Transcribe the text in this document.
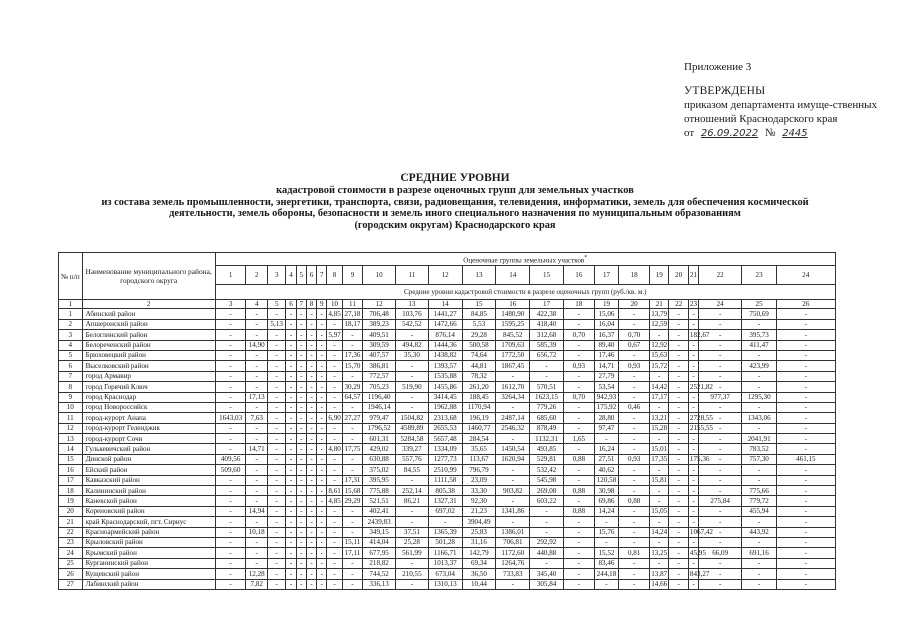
Приложение 3
УТВЕРЖДЕНЫ
приказом департамента имуще-ственных
отношений Краснодарского края
от 26.09.2022 № 2445
СРЕДНИЕ УРОВНИ
кадастровой стоимости в разрезе оценочных групп для земельных участков
из состава земель промышленности, энергетики, транспорта, связи, радиовещания, телевидения, информатики, земель для обеспечения космической
деятельности, земель обороны, безопасности и земель иного специального назначения по муниципальным образованиям
(городским округам) Краснодарского края
№ п/п	Наименование муниципального района, городского округа	Оценочные группы земельных участков*
		1	2	3	4	5	6	7	8	9	10	11	12	13	14	15	16	17	18	19	20	21	22	23	24
		Средние уровни кадастровой стоимости в разрезе оценочных групп (руб./кв. м.)																							
1	2	3	4	5	6	7	8	9	10	11	12	13	14	15	16	17	18	19	20	21	22	23	24	25	26
1	Абинский район	-	-	-	-	-	-	-	4,85	27,18	706,48	103,76	1441,27	84,85	1480,90	422,38	-	15,06	-	13,79	-	-	-	750,69	-
2	Апшеронский район	-	-	5,13	-	-	-	-	-	18,17	389,23	542,52	1472,66	5,53	1595,25	418,40	-	16,04	-	12,59	-	-	-	-	-
3	Белоглинский район	-	-	-	-	-	-	-	5,97	-	409,51	-	876,14	29,28	845,52	312,68	0,70	16,37	0,70	-	-	182,67	-	395,73	-
4	Белореченский район	-	14,90	-	-	-	-	-	-	-	309,59	494,82	1444,36	500,58	1709,63	585,39	-	89,40	0,67	12,92	-	-	-	411,47	-
5	Брюховецкий район	-	-	-	-	-	-	-	-	17,36	407,57	35,30	1438,82	74,64	1772,50	656,72	-	17,46	-	15,63	-	-	-	-	-
6	Выселковский район	-	-	-	-	-	-	-	-	15,70	386,81	-	1393,57	44,81	1867,45	-	0,93	14,71	0,93	15,72	-	-	-	423,99	-
7	город Армавир	-	-	-	-	-	-	-	-	-	772,57	-	1535,88	78,32	-	-	-	27,79	-	-	-	-	-	-	-
8	город Горячий Ключ	-	-	-	-	-	-	-	-	30,29	705,23	519,90	1455,86	261,20	1612,70	570,51	-	53,54	-	14,42	-	2521,82	-	-	-
9	город Краснодар	-	17,13	-	-	-	-	-	-	64,57	1196,40	-	3414,45	188,45	3264,34	1623,15	0,70	942,93	-	17,17	-	-	977,37	1295,30	-
10	город Новороссийск	-	-	-	-	-	-	-	-	-	1946,14	-	1962,88	1170,94	-	779,26	-	175,92	0,46	-	-	-	-	-	-
11	город-курорт Анапа	1643,03	7,63	-	-	-	-	-	6,90	27,27	979,47	1504,82	2313,68	196,19	2487,14	685,60	-	28,80	-	13,21	-	2728,55	-	1343,06	-
12	город-курорт Геленджик	-	-	-	-	-	-	-	-	-	1796,52	4589,89	2655,53	1460,77	2546,32	878,49	-	97,47	-	15,28	-	2155,55	-	-	-
13	город-курорт Сочи	-	-	-	-	-	-	-	-	-	601,31	5284,58	5657,48	284,54	-	1132,31	1,65	-	-	-	-	-	-	2041,91	-
14	Гулькевичский район	-	14,71	-	-	-	-	-	4,80	17,75	429,02	339,27	1334,09	35,65	1450,54	493,85	-	16,24	-	15,01	-	-	-	783,52	-
15	Динской район	409,56	-	-	-	-	-	-	-	-	630,88	557,76	1277,73	113,67	1620,94	529,81	0,88	27,51	0,93	17,35	-	175,36	-	757,30	461,15
16	Ейский район	509,60	-	-	-	-	-	-	-	-	375,02	84,55	2510,99	796,79	-	532,42	-	40,62	-	-	-	-	-	-	-
17	Кавказский район	-	-	-	-	-	-	-	-	17,31	395,95	-	1111,58	23,09	-	545,98	-	120,58	-	15,81	-	-	-	-	-
18	Калининский район	-	-	-	-	-	-	-	8,61	15,68	775,88	252,14	805,38	33,30	903,82	269,08	0,88	30,98	-	-	-	-	-	775,66	-
19	Каневской район	-	-	-	-	-	-	-	4,85	29,29	521,51	86,21	1327,31	92,30	-	603,22	-	69,86	0,88	-	-	-	275,84	779,72	-
20	Кореновский район	-	14,94	-	-	-	-	-	-	-	402,41	-	697,02	21,23	1341,86	-	0,88	14,24	-	15,05	-	-	-	455,94	-
21	край Краснодарский, пгт. Сириус	-	-	-	-	-	-	-	-	-	2439,83	-	-	3904,49	-	-	-	-	-	-	-	-	-	-	-
22	Красноармейский район	-	10,18	-	-	-	-	-	-	-	349,15	37,51	1365,39	25,83	1386,01	-	-	15,76	-	14,24	-	1067,42	-	443,92	-
23	Крыловский район	-	-	-	-	-	-	-	-	15,11	414,04	25,28	501,28	31,16	706,81	292,92	-	-	-	-	-	-	-	-	-
24	Крымский район	-	-	-	-	-	-	-	-	17,11	677,95	561,99	1166,71	142,79	1172,60	440,88	-	15,52	0,81	13,25	-	45,95	66,09	691,16	-
25	Курганинский район	-	-	-	-	-	-	-	-	-	218,82	-	1013,37	69,34	1264,76	-	-	83,46	-	-	-	-	-	-	-
26	Кущевский район	-	12,28	-	-	-	-	-	-	-	744,52	210,55	673,04	36,50	733,83	345,40	-	244,18	-	13,87	-	843,27	-	-	-
27	Лабинский район	-	7,82	-	-	-	-	-	-	-	336,13	-	1310,13	10,44	-	305,84	-	-	-	14,66	-	-	-	-	-
